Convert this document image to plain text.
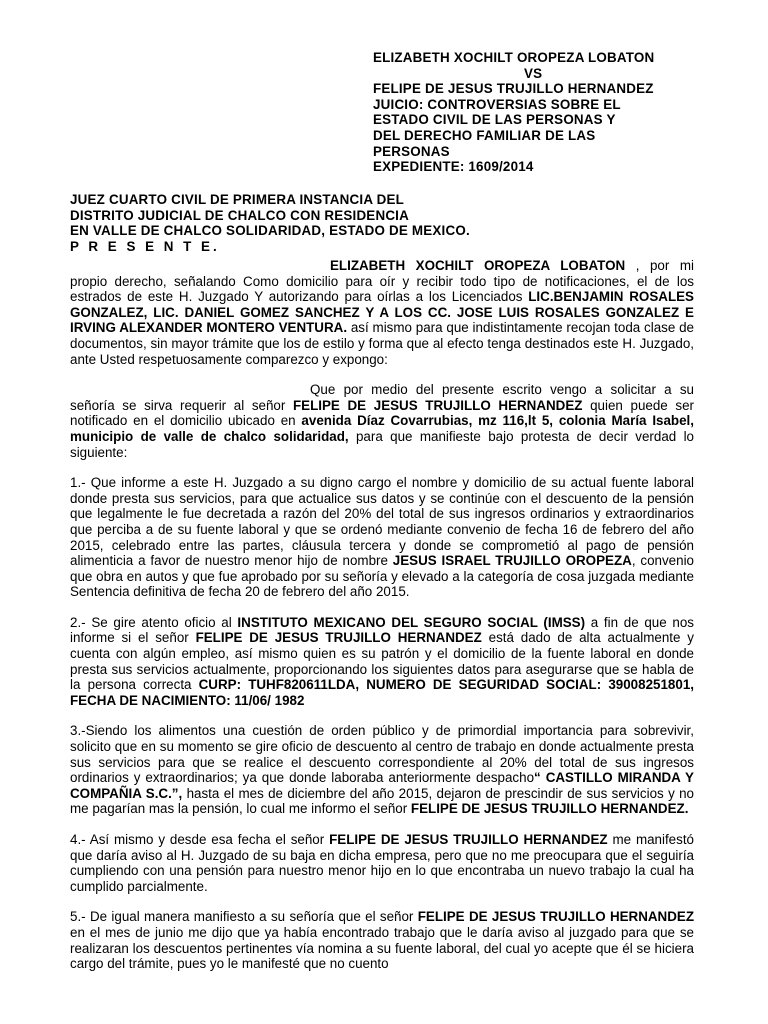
ELIZABETH XOCHILT OROPEZA LOBATON
VS
FELIPE DE JESUS TRUJILLO HERNANDEZ
JUICIO: CONTROVERSIAS SOBRE EL
ESTADO CIVIL DE LAS PERSONAS Y
DEL DERECHO FAMILIAR DE LAS
PERSONAS
EXPEDIENTE: 1609/2014
JUEZ CUARTO CIVIL DE PRIMERA INSTANCIA DEL
DISTRITO JUDICIAL DE CHALCO CON RESIDENCIA
EN VALLE DE CHALCO SOLIDARIDAD, ESTADO DE MEXICO.
P R E S E N T E.

ELIZABETH XOCHILT OROPEZA LOBATON , por mi propio derecho, señalando Como domicilio para oír y recibir todo tipo de notificaciones, el de los estrados de este H. Juzgado Y autorizando para oírlas a los Licenciados LIC.BENJAMIN ROSALES GONZALEZ, LIC. DANIEL GOMEZ SANCHEZ Y A LOS CC. JOSE LUIS ROSALES GONZALEZ E IRVING ALEXANDER MONTERO VENTURA. así mismo para que indistintamente recojan toda clase de documentos, sin mayor trámite que los de estilo y forma que al efecto tenga destinados este H. Juzgado, ante Usted respetuosamente comparezco y expongo:

Que por medio del presente escrito vengo a solicitar a su señoría se sirva requerir al señor FELIPE DE JESUS TRUJILLO HERNANDEZ quien puede ser notificado en el domicilio ubicado en avenida Díaz Covarrubias, mz 116,lt 5, colonia María Isabel, municipio de valle de chalco solidaridad, para que manifieste bajo protesta de decir verdad lo siguiente:

1.- Que informe a este H. Juzgado a su digno cargo el nombre y domicilio de su actual fuente laboral donde presta sus servicios, para que actualice sus datos y se continúe con el descuento de la pensión que legalmente le fue decretada a razón del 20% del total de sus ingresos ordinarios y extraordinarios que perciba a de su fuente laboral y que se ordenó mediante convenio de fecha 16 de febrero del año 2015, celebrado entre las partes, cláusula tercera y donde se comprometió al pago de pensión alimenticia a favor de nuestro menor hijo de nombre JESUS ISRAEL TRUJILLO OROPEZA, convenio que obra en autos y que fue aprobado por su señoría y elevado a la categoría de cosa juzgada mediante Sentencia definitiva de fecha 20 de febrero del año 2015.

2.- Se gire atento oficio al INSTITUTO MEXICANO DEL SEGURO SOCIAL (IMSS) a fin de que nos informe si el señor FELIPE DE JESUS TRUJILLO HERNANDEZ está dado de alta actualmente y cuenta con algún empleo, así mismo quien es su patrón y el domicilio de la fuente laboral en donde presta sus servicios actualmente, proporcionando los siguientes datos para asegurarse que se habla de la persona correcta CURP: TUHF820611LDA, NUMERO DE SEGURIDAD SOCIAL: 39008251801, FECHA DE NACIMIENTO: 11/06/ 1982

3.-Siendo los alimentos una cuestión de orden público y de primordial importancia para sobrevivir, solicito que en su momento se gire oficio de descuento al centro de trabajo en donde actualmente presta sus servicios para que se realice el descuento correspondiente al 20% del total de sus ingresos ordinarios y extraordinarios; ya que donde laboraba anteriormente despacho“ CASTILLO MIRANDA Y COMPAÑIA S.C.”, hasta el mes de diciembre del año 2015, dejaron de prescindir de sus servicios y no me pagarían mas la pensión, lo cual me informo el señor FELIPE DE JESUS TRUJILLO HERNANDEZ.

4.- Así mismo y desde esa fecha el señor FELIPE DE JESUS TRUJILLO HERNANDEZ me manifestó que daría aviso al H. Juzgado de su baja en dicha empresa, pero que no me preocupara que el seguiría cumpliendo con una pensión para nuestro menor hijo en lo que encontraba un nuevo trabajo la cual ha cumplido parcialmente.

5.- De igual manera manifiesto a su señoría que el señor FELIPE DE JESUS TRUJILLO HERNANDEZ en el mes de junio me dijo que ya había encontrado trabajo que le daría aviso al juzgado para que se realizaran los descuentos pertinentes vía nomina a su fuente laboral, del cual yo acepte que él se hiciera cargo del trámite, pues yo le manifesté que no cuento
